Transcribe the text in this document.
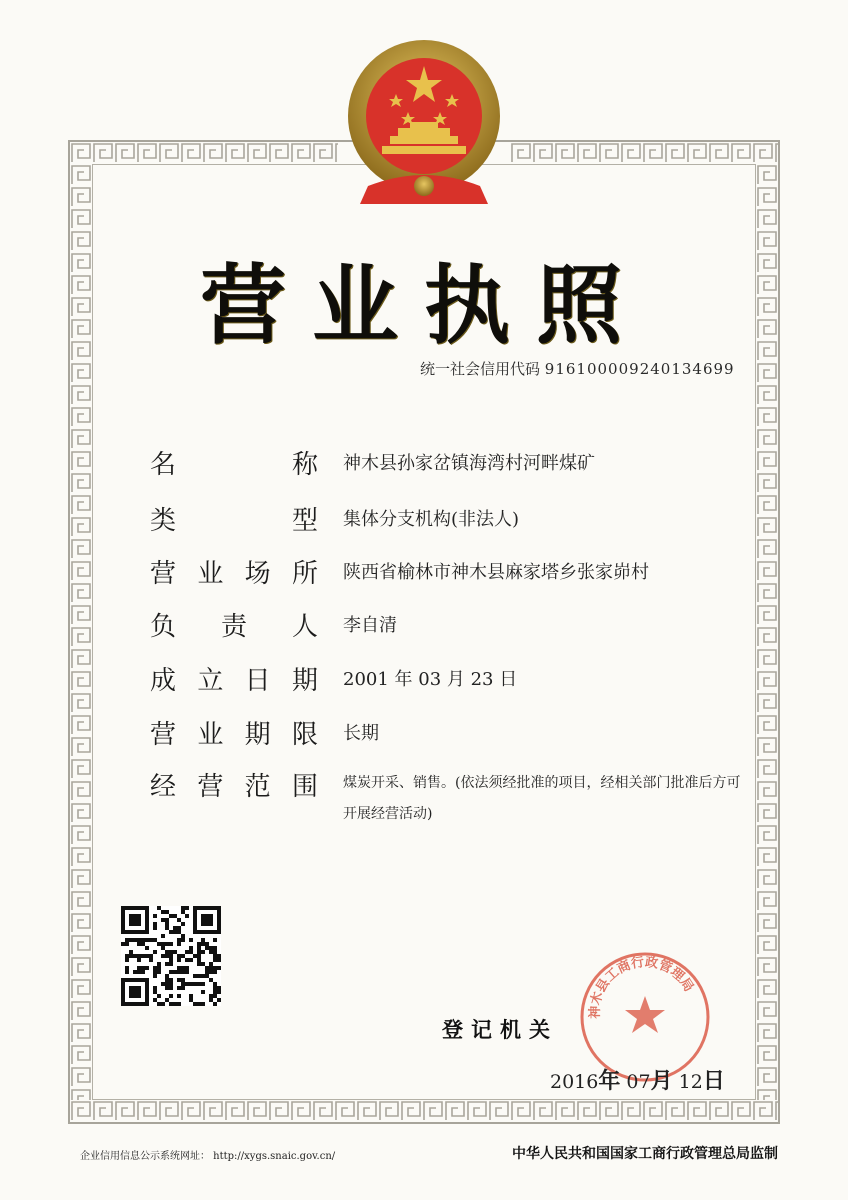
营业执照
统一社会信用代码 916100009240134699
名	称 神木县孙家岔镇海湾村河畔煤矿
类	型 集体分支机构(非法人)
营 业 场 所 陕西省榆林市神木县麻家塔乡张家峁村
负 责 人 李自清
成 立 日 期 2001 年 03 月 23 日
营 业 期 限 长期
经 营 范 围 煤炭开采、销售。(依法须经批准的项目，经相关部门批准后方可
开展经营活动)
神木县工商行政管理局
登记机关
2016年 07月 12日
企业信用信息公示系统网址： http://xygs.snaic.gov.cn/	中华人民共和国国家工商行政管理总局监制
